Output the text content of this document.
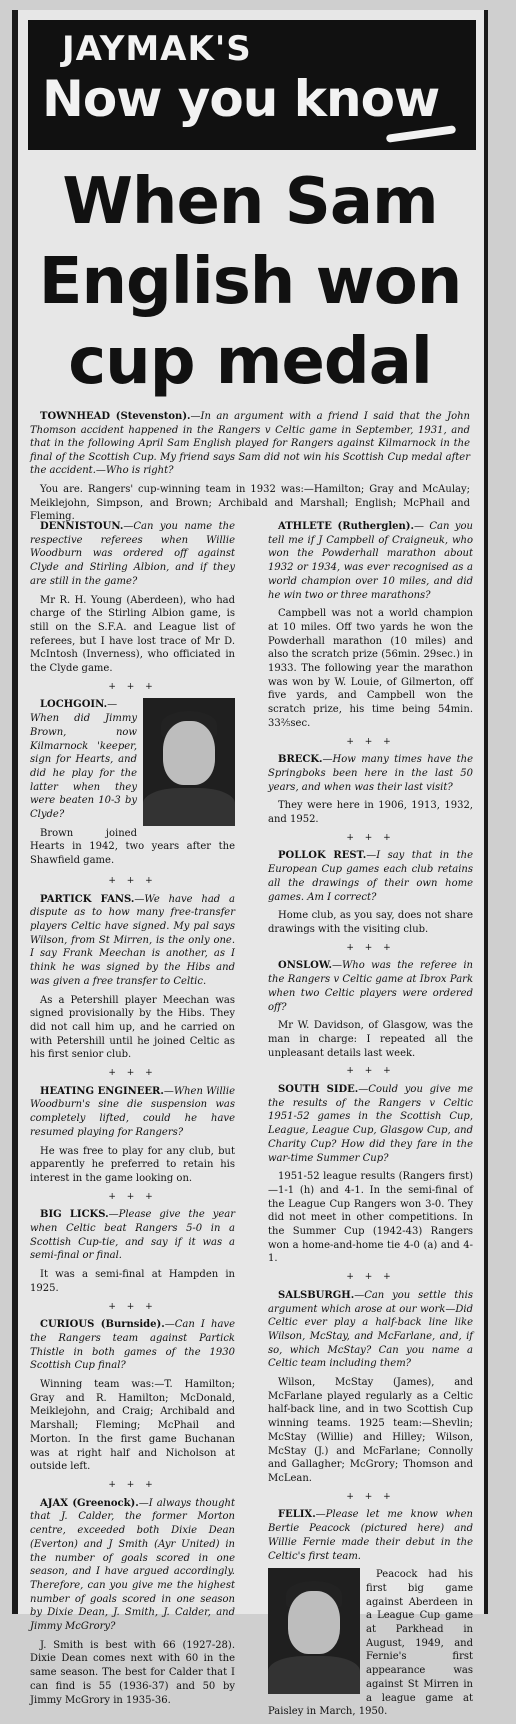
JAYMAK'S
Now you know
When Sam
English won
cup medal

TOWNHEAD (Stevenston).—In an argument with a friend I said that the John Thomson accident happened in the Rangers v Celtic game in September, 1931, and that in the following April Sam English played for Rangers against Kilmarnock in the final of the Scottish Cup. My friend says Sam did not win his Scottish Cup medal after the accident.—Who is right?

You are. Rangers' cup-winning team in 1932 was:—Hamilton; Gray and McAulay; Meiklejohn, Simpson, and Brown; Archibald and Marshall; English; McPhail and Fleming.

DENNISTOUN.—Can you name the respective referees when Willie Woodburn was ordered off against Clyde and Stirling Albion, and if they are still in the game?

Mr R. H. Young (Aberdeen), who had charge of the Stirling Albion game, is still on the S.F.A. and League list of referees, but I have lost trace of Mr D. McIntosh (Inverness), who officiated in the Clyde game.

+ + +

LOCHGOIN.—When did Jimmy Brown, now Kilmarnock 'keeper, sign for Hearts, and did he play for the latter when they were beaten 10-3 by Clyde?

Brown joined Hearts in 1942, two years after the Shawfield game.

+ + +

PARTICK FANS.—We have had a dispute as to how many free-transfer players Celtic have signed. My pal says Wilson, from St Mirren, is the only one. I say Frank Meechan is another, as I think he was signed by the Hibs and was given a free transfer to Celtic.

As a Petershill player Meechan was signed provisionally by the Hibs. They did not call him up, and he carried on with Petershill until he joined Celtic as his first senior club.

+ + +

HEATING ENGINEER.—When Willie Woodburn's sine die suspension was completely lifted, could he have resumed playing for Rangers?

He was free to play for any club, but apparently he preferred to retain his interest in the game looking on.

+ + +

BIG LICKS.—Please give the year when Celtic beat Rangers 5-0 in a Scottish Cup-tie, and say if it was a semi-final or final.

It was a semi-final at Hampden in 1925.

+ + +

CURIOUS (Burnside).—Can I have the Rangers team against Partick Thistle in both games of the 1930 Scottish Cup final?

Winning team was:—T. Hamilton; Gray and R. Hamilton; McDonald, Meiklejohn, and Craig; Archibald and Marshall; Fleming; McPhail and Morton. In the first game Buchanan was at right half and Nicholson at outside left.

+ + +

AJAX (Greenock).—I always thought that J. Calder, the former Morton centre, exceeded both Dixie Dean (Everton) and J Smith (Ayr United) in the number of goals scored in one season, and I have argued accordingly. Therefore, can you give me the highest number of goals scored in one season by Dixie Dean, J. Smith, J. Calder, and Jimmy McGrory?

J. Smith is best with 66 (1927-28). Dixie Dean comes next with 60 in the same season. The best for Calder that I can find is 55 (1936-37) and 50 by Jimmy McGrory in 1935-36.

ATHLETE (Rutherglen).— Can you tell me if J Campbell of Craigneuk, who won the Powderhall marathon about 1932 or 1934, was ever recognised as a world champion over 10 miles, and did he win two or three marathons?

Campbell was not a world champion at 10 miles. Off two yards he won the Powderhall marathon (10 miles) and also the scratch prize (56min. 29sec.) in 1933. The following year the marathon was won by W. Louie, of Gilmerton, off five yards, and Campbell won the scratch prize, his time being 54min. 33⅖sec.

+ + +

BRECK.—How many times have the Springboks been here in the last 50 years, and when was their last visit?

They were here in 1906, 1913, 1932, and 1952.

+ + +

POLLOK REST.—I say that in the European Cup games each club retains all the drawings of their own home games. Am I correct?

Home club, as you say, does not share drawings with the visiting club.

+ + +

ONSLOW.—Who was the referee in the Rangers v Celtic game at Ibrox Park when two Celtic players were ordered off?

Mr W. Davidson, of Glasgow, was the man in charge: I repeated all the unpleasant details last week.

+ + +

SOUTH SIDE.—Could you give me the results of the Rangers v Celtic 1951-52 games in the Scottish Cup, League, League Cup, Glasgow Cup, and Charity Cup? How did they fare in the war-time Summer Cup?

1951-52 league results (Rangers first)—1-1 (h) and 4-1. In the semi-final of the League Cup Rangers won 3-0. They did not meet in other competitions. In the Summer Cup (1942-43) Rangers won a home-and-home tie 4-0 (a) and 4-1.

+ + +

SALSBURGH.—Can you settle this argument which arose at our work—Did Celtic ever play a half-back line like Wilson, McStay, and McFarlane, and, if so, which McStay? Can you name a Celtic team including them?

Wilson, McStay (James), and McFarlane played regularly as a Celtic half-back line, and in two Scottish Cup winning teams. 1925 team:—Shevlin; McStay (Willie) and Hilley; Wilson, McStay (J.) and McFarlane; Connolly and Gallagher; McGrory; Thomson and McLean.

+ + +

FELIX.—Please let me know when Bertie Peacock (pictured here) and Willie Fernie made their debut in the Celtic's first team.

Peacock had his first big game against Aberdeen in a League Cup game at Parkhead in August, 1949, and Fernie's first appearance was against St Mirren in a league game at Paisley in March, 1950.
